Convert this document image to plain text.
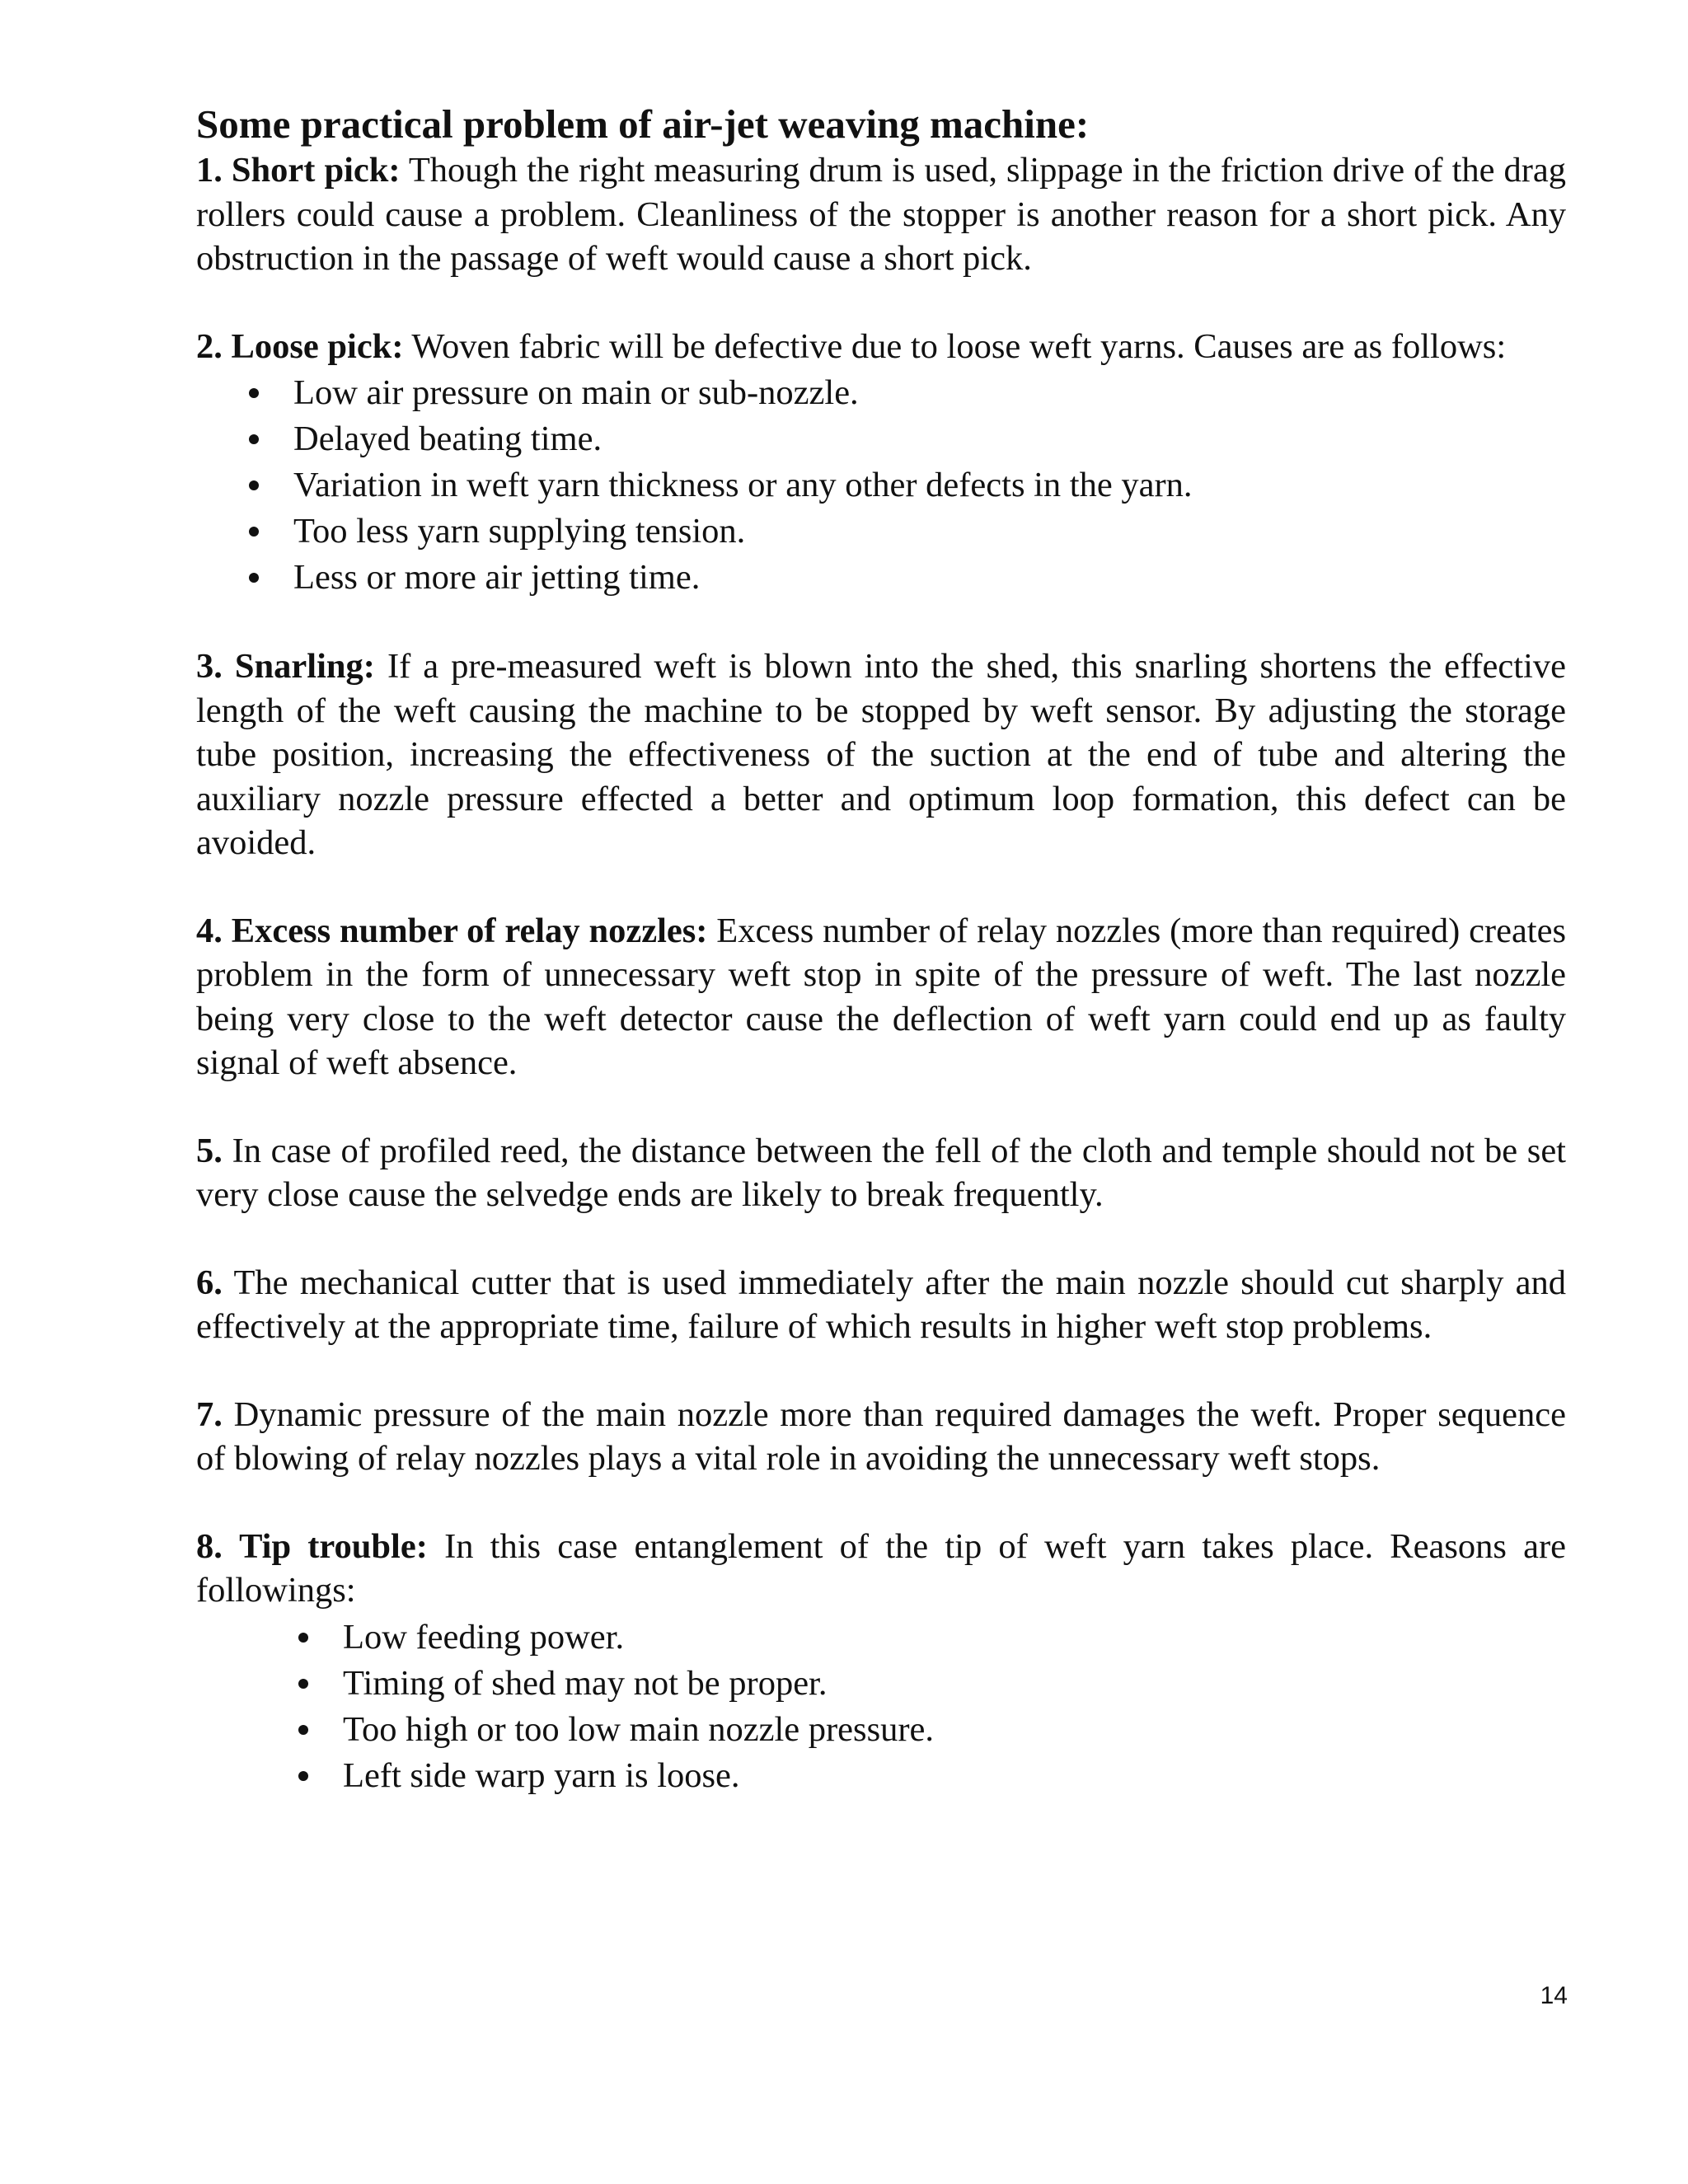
Some practical problem of air-jet weaving machine:

1. Short pick: Though the right measuring drum is used, slippage in the friction drive of the drag rollers could cause a problem. Cleanliness of the stopper is another reason for a short pick. Any obstruction in the passage of weft would cause a short pick.

2. Loose pick: Woven fabric will be defective due to loose weft yarns. Causes are as follows:

Low air pressure on main or sub-nozzle.
Delayed beating time.
Variation in weft yarn thickness or any other defects in the yarn.
Too less yarn supplying tension.
Less or more air jetting time.

3. Snarling: If a pre-measured weft is blown into the shed, this snarling shortens the effective length of the weft causing the machine to be stopped by weft sensor. By adjusting the storage tube position, increasing the effectiveness of the suction at the end of tube and altering the auxiliary nozzle pressure effected a better and optimum loop formation, this defect can be avoided.

4. Excess number of relay nozzles: Excess number of relay nozzles (more than required) creates problem in the form of unnecessary weft stop in spite of the pressure of weft. The last nozzle being very close to the weft detector cause the deflection of weft yarn could end up as faulty signal of weft absence.

5. In case of profiled reed, the distance between the fell of the cloth and temple should not be set very close cause the selvedge ends are likely to break frequently.

6. The mechanical cutter that is used immediately after the main nozzle should cut sharply and effectively at the appropriate time, failure of which results in higher weft stop problems.

7. Dynamic pressure of the main nozzle more than required damages the weft. Proper sequence of blowing of relay nozzles plays a vital role in avoiding the unnecessary weft stops.

8. Tip trouble: In this case entanglement of the tip of weft yarn takes place. Reasons are followings:

Low feeding power.
Timing of shed may not be proper.
Too high or too low main nozzle pressure.
Left side warp yarn is loose.
14
